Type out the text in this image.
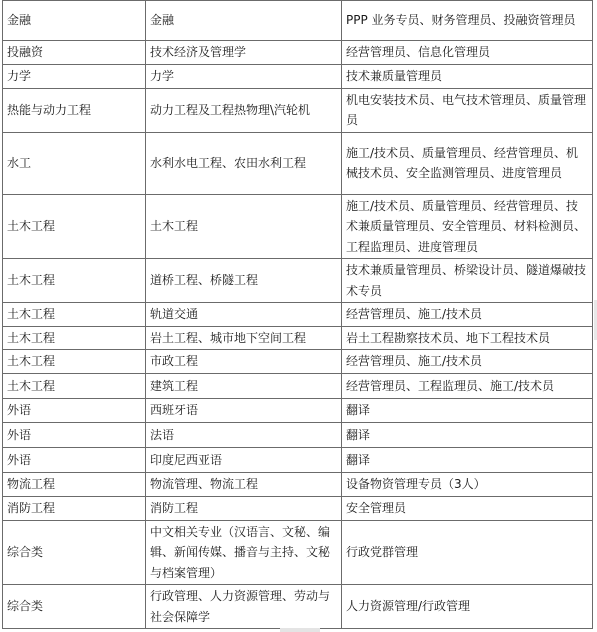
金融	金融	PPP 业务专员、财务管理员、投融资管理员
投融资	技术经济及管理学	经营管理员、信息化管理员
力学	力学	技术兼质量管理员
热能与动力工程	动力工程及工程热物理\汽轮机	机电安装技术员、电气技术管理员、质量管理员
水工	水利水电工程、农田水利工程	施工/技术员、质量管理员、经营管理员、机械技术员、安全监测管理员、进度管理员
土木工程	土木工程	施工/技术员、质量管理员、经营管理员、技术兼质量管理员、安全管理员、材料检测员、工程监理员、进度管理员
土木工程	道桥工程、桥隧工程	技术兼质量管理员、桥梁设计员、隧道爆破技术专员
土木工程	轨道交通	经营管理员、施工/技术员
土木工程	岩土工程、城市地下空间工程	岩土工程勘察技术员、地下工程技术员
土木工程	市政工程	经营管理员、施工/技术员
土木工程	建筑工程	经营管理员、工程监理员、施工/技术员
外语	西班牙语	翻译
外语	法语	翻译
外语	印度尼西亚语	翻译
物流工程	物流管理、物流工程	设备物资管理专员（3人）
消防工程	消防工程	安全管理员
综合类	中文相关专业（汉语言、文秘、编辑、新闻传媒、播音与主持、文秘与档案管理）	行政党群管理
综合类	行政管理、人力资源管理、劳动与社会保障学	人力资源管理/行政管理
